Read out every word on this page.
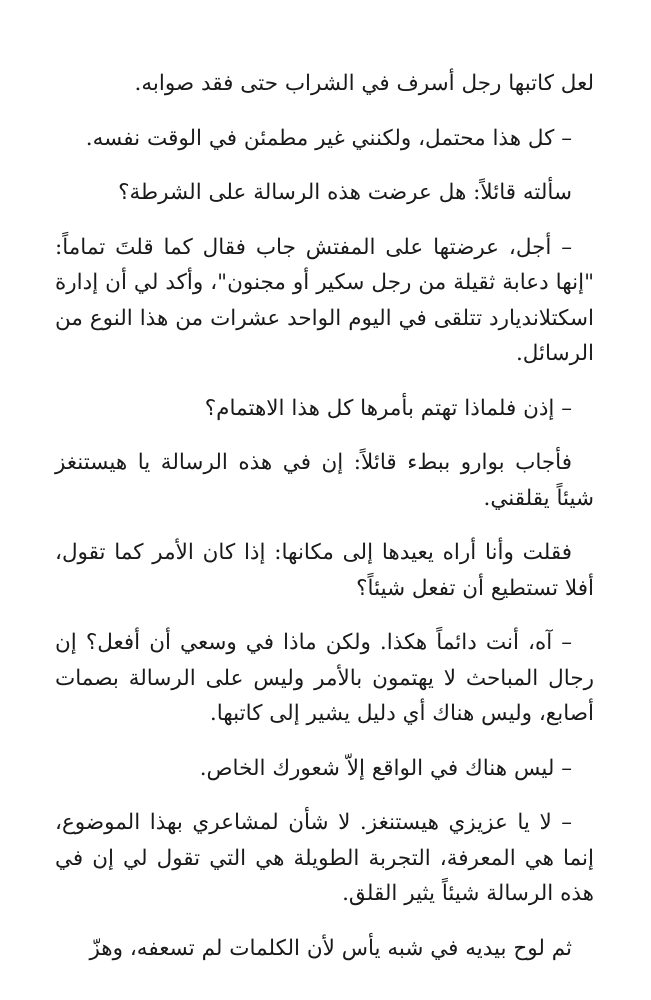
لعل كاتبها رجل أسرف في الشراب حتى فقد صوابه.

– كل هذا محتمل، ولكنني غير مطمئن في الوقت نفسه.

سألته قائلاً: هل عرضت هذه الرسالة على الشرطة؟

– أجل، عرضتها على المفتش جاب فقال كما قلتَ تماماً: "إنها دعابة ثقيلة من رجل سكير أو مجنون"، وأكد لي أن إدارة اسكتلانديارد تتلقى في اليوم الواحد عشرات من هذا النوع من الرسائل.

– إذن فلماذا تهتم بأمرها كل هذا الاهتمام؟

فأجاب بوارو ببطء قائلاً: إن في هذه الرسالة يا هيستنغز شيئاً يقلقني.

فقلت وأنا أراه يعيدها إلى مكانها: إذا كان الأمر كما تقول، أفلا تستطيع أن تفعل شيئاً؟

– آه، أنت دائماً هكذا. ولكن ماذا في وسعي أن أفعل؟ إن رجال المباحث لا يهتمون بالأمر وليس على الرسالة بصمات أصابع، وليس هناك أي دليل يشير إلى كاتبها.

– ليس هناك في الواقع إلاّ شعورك الخاص.

– لا يا عزيزي هيستنغز. لا شأن لمشاعري بهذا الموضوع، إنما هي المعرفة، التجربة الطويلة هي التي تقول لي إن في هذه الرسالة شيئاً يثير القلق.

ثم لوح بيديه في شبه يأس لأن الكلمات لم تسعفه، وهزّ
